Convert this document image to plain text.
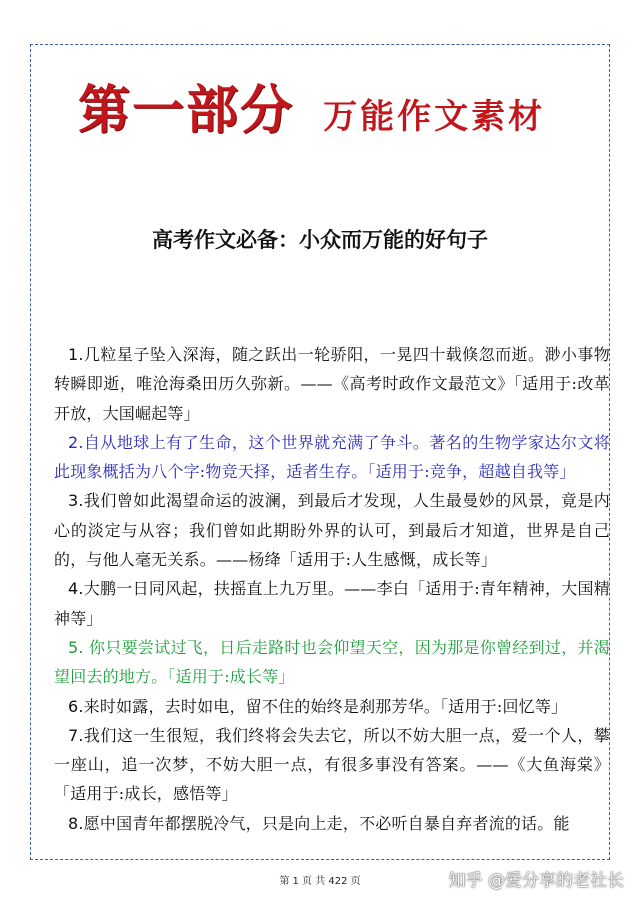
第一部分 万能作文素材
高考作文必备：小众而万能的好句子

1.几粒星子坠入深海，随之跃出一轮骄阳，一晃四十载倏忽而逝。渺小事物转瞬即逝，唯沧海桑田历久弥新。——《高考时政作文最范文》「适用于:改革开放，大国崛起等」

2.自从地球上有了生命，这个世界就充满了争斗。著名的生物学家达尔文将此现象概括为八个字:物竞天择，适者生存。「适用于:竞争，超越自我等」

3.我们曾如此渴望命运的波澜，到最后才发现，人生最曼妙的风景，竟是内心的淡定与从容；我们曾如此期盼外界的认可，到最后才知道，世界是自己的，与他人毫无关系。——杨绛「适用于:人生感慨，成长等」

4.大鹏一日同风起，扶摇直上九万里。——李白「适用于:青年精神，大国精神等」

5. 你只要尝试过飞，日后走路时也会仰望天空，因为那是你曾经到过，并渴望回去的地方。「适用于:成长等」

6.来时如露，去时如电，留不住的始终是刹那芳华。「适用于:回忆等」

7.我们这一生很短，我们终将会失去它，所以不妨大胆一点，爱一个人，攀一座山，追一次梦，不妨大胆一点，有很多事没有答案。——《大鱼海棠》「适用于:成长，感悟等」

8.愿中国青年都摆脱冷气，只是向上走，不必听自暴自弃者流的话。能

第 1 页 共 422 页	知乎 @爱分享的老社长
